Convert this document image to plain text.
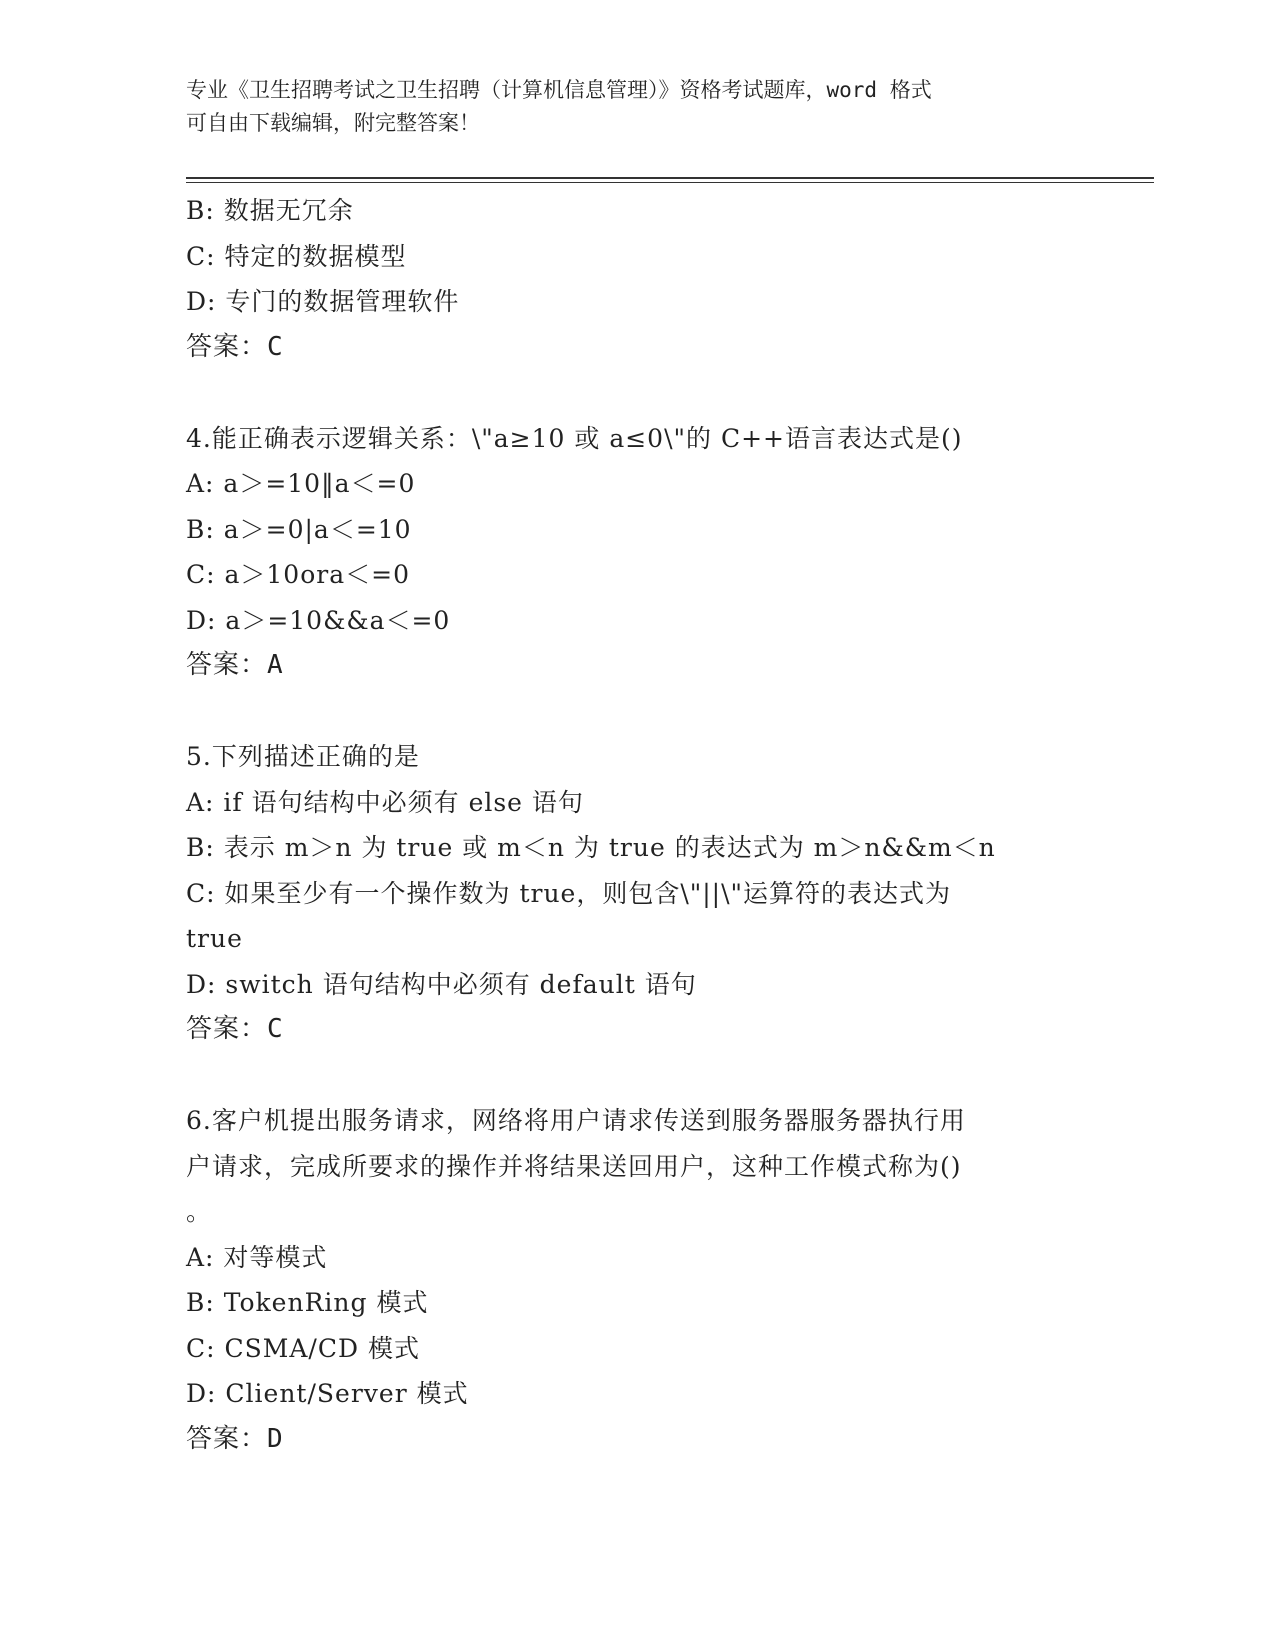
专业《卫生招聘考试之卫生招聘（计算机信息管理）》资格考试题库，word 格式
可自由下载编辑，附完整答案！
B: 数据无冗余
C: 特定的数据模型
D: 专门的数据管理软件
答案：C
4.能正确表示逻辑关系：\"a≥10 或 a≤0\"的 C++语言表达式是()
A: a＞=10‖a＜=0
B: a＞=0|a＜=10
C: a＞10ora＜=0
D: a＞=10&&a＜=0
答案：A
5.下列描述正确的是
A: if 语句结构中必须有 else 语句
B: 表示 m＞n 为 true 或 m＜n 为 true 的表达式为 m＞n&&m＜n
C: 如果至少有一个操作数为 true，则包含\"||\"运算符的表达式为
true
D: switch 语句结构中必须有 default 语句
答案：C
6.客户机提出服务请求，网络将用户请求传送到服务器服务器执行用
户请求，完成所要求的操作并将结果送回用户，这种工作模式称为()
。
A: 对等模式
B: TokenRing 模式
C: CSMA/CD 模式
D: Client/Server 模式
答案：D
